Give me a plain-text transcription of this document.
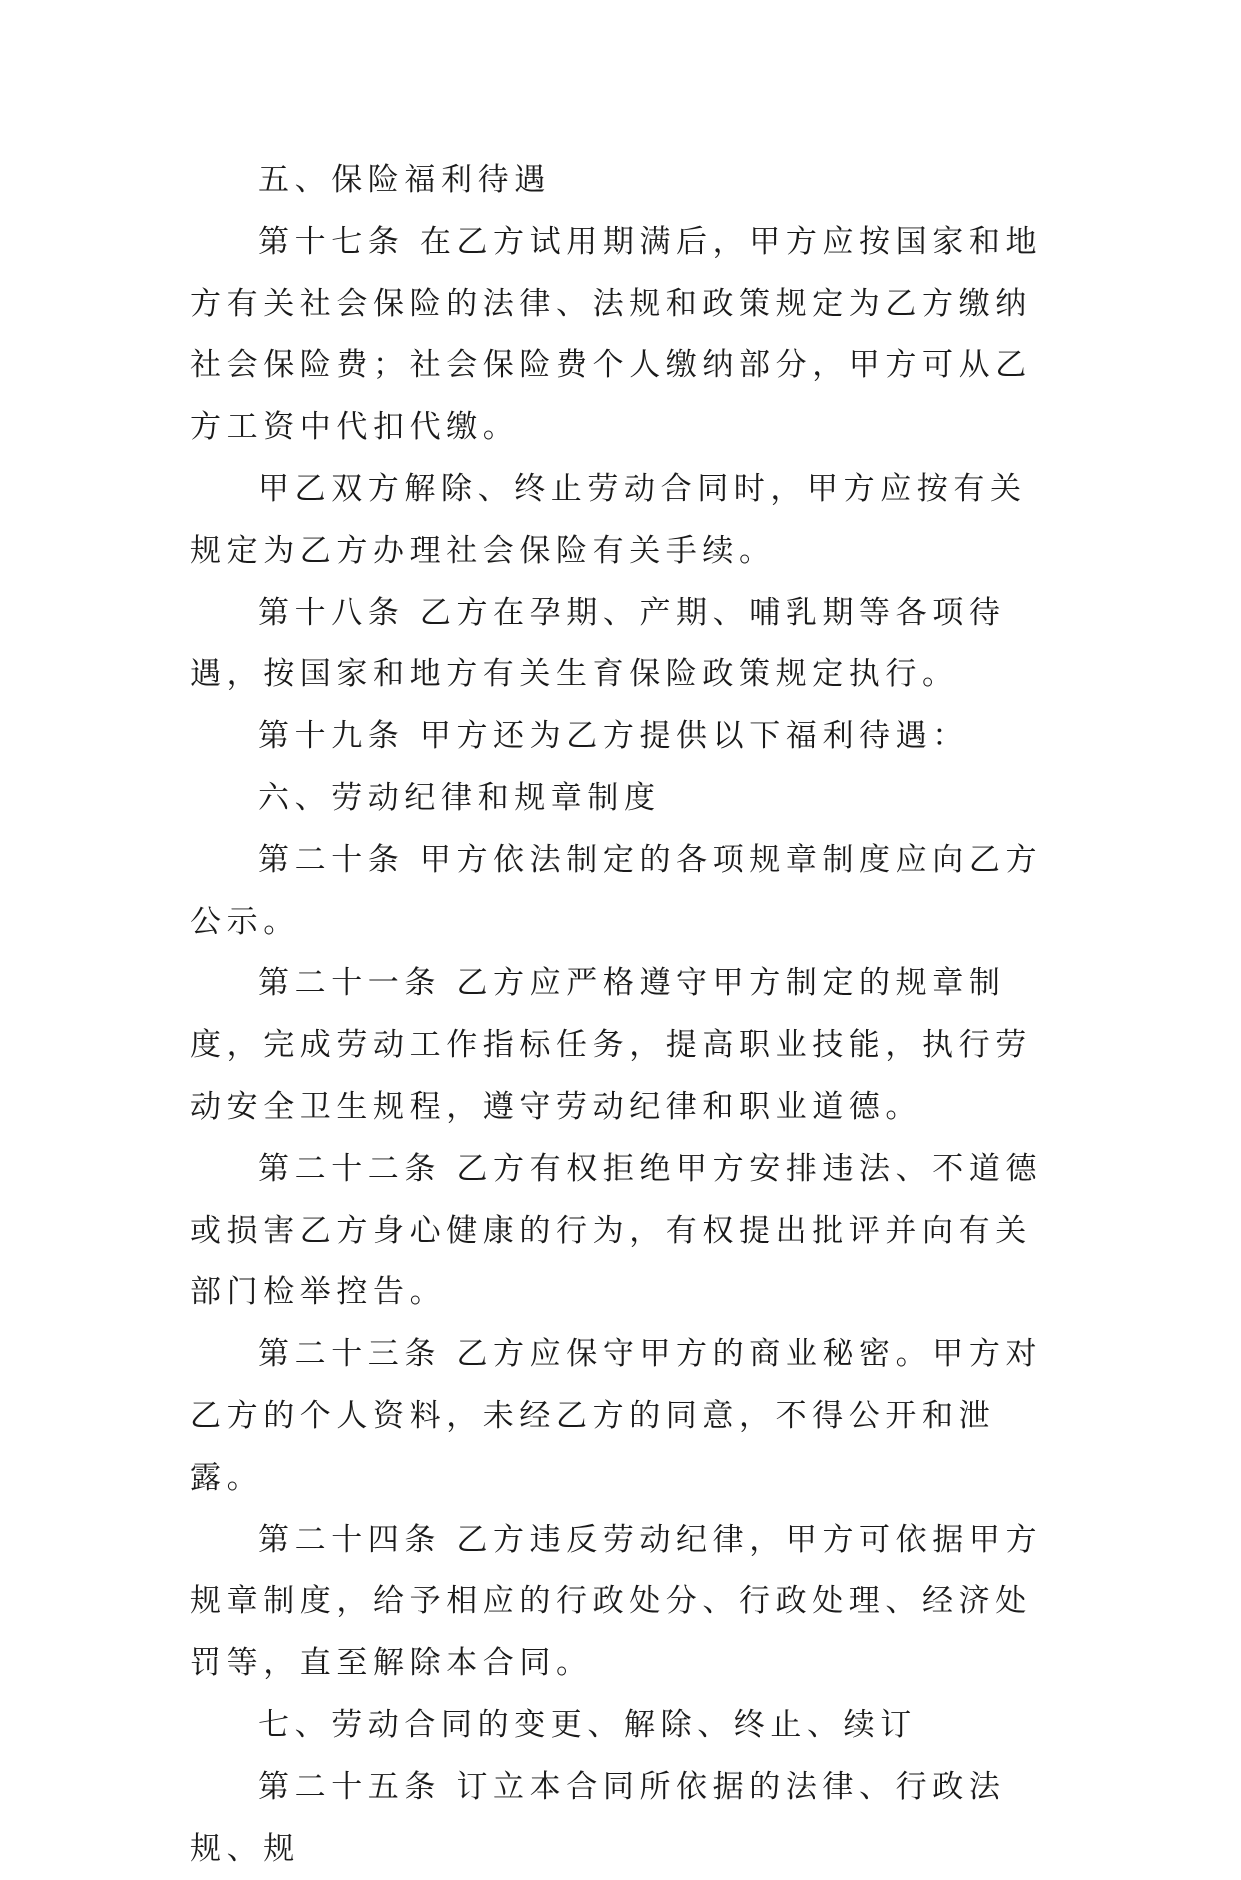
五、保险福利待遇

第十七条 在乙方试用期满后，甲方应按国家和地方有关社会保险的法律、法规和政策规定为乙方缴纳社会保险费；社会保险费个人缴纳部分，甲方可从乙方工资中代扣代缴。

甲乙双方解除、终止劳动合同时，甲方应按有关规定为乙方办理社会保险有关手续。

第十八条 乙方在孕期、产期、哺乳期等各项待遇，按国家和地方有关生育保险政策规定执行。

第十九条 甲方还为乙方提供以下福利待遇：

六、劳动纪律和规章制度

第二十条 甲方依法制定的各项规章制度应向乙方公示。

第二十一条 乙方应严格遵守甲方制定的规章制度，完成劳动工作指标任务，提高职业技能，执行劳动安全卫生规程，遵守劳动纪律和职业道德。

第二十二条 乙方有权拒绝甲方安排违法、不道德或损害乙方身心健康的行为，有权提出批评并向有关部门检举控告。

第二十三条 乙方应保守甲方的商业秘密。甲方对乙方的个人资料，未经乙方的同意，不得公开和泄露。

第二十四条 乙方违反劳动纪律，甲方可依据甲方规章制度，给予相应的行政处分、行政处理、经济处罚等，直至解除本合同。

七、劳动合同的变更、解除、终止、续订

第二十五条 订立本合同所依据的法律、行政法规、规
